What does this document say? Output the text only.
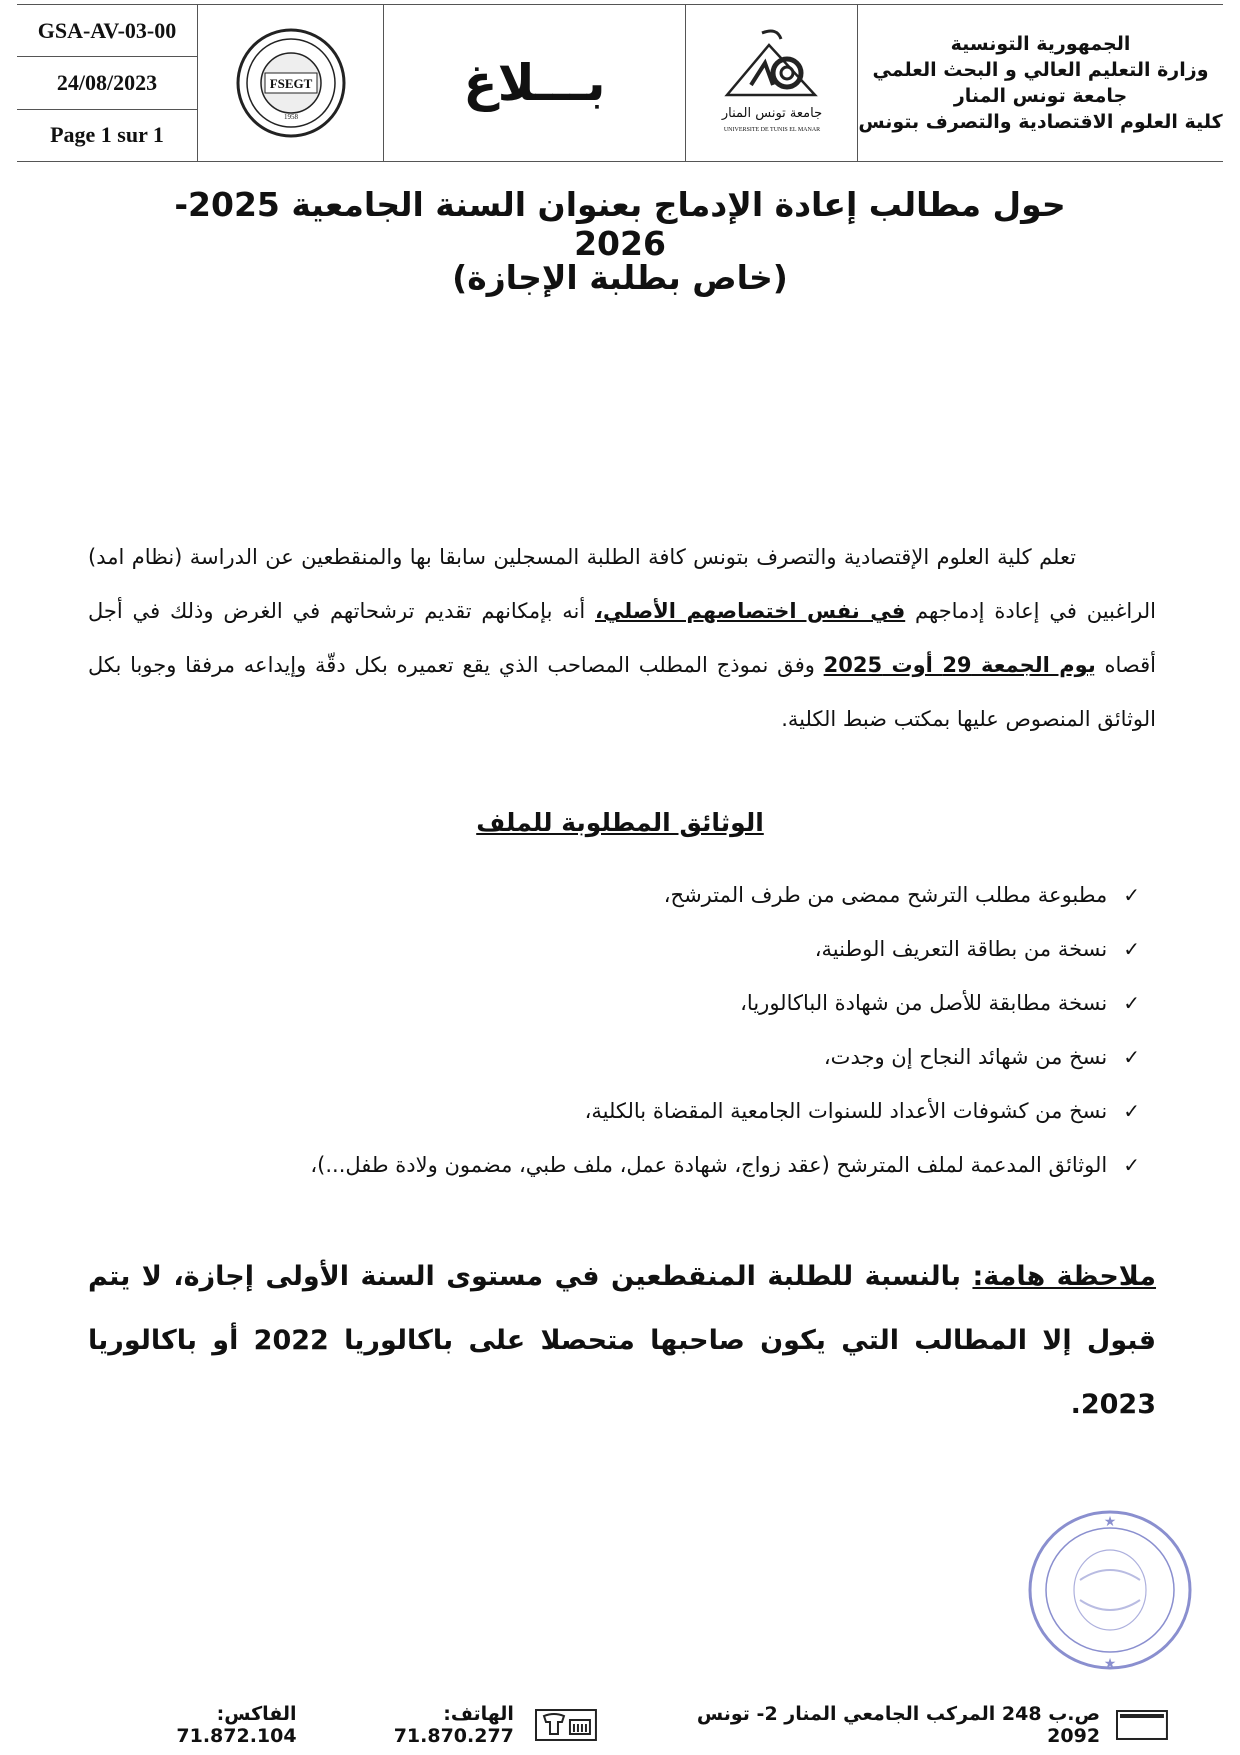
GSA-AV-03-00
24/08/2023
Page 1 sur 1
FSEGT
1958
بـــلاغ
جامعة تونس المنار
UNIVERSITE DE TUNIS EL MANAR
الجمهورية التونسية
وزارة التعليم العالي و البحث العلمي
جامعة تونس المنار
كلية العلوم الاقتصادية والتصرف بتونس
حول مطالب إعادة الإدماج بعنوان السنة الجامعية 2025- 2026
(خاص بطلبة الإجازة)
تعلم كلية العلوم الإقتصادية والتصرف بتونس كافة الطلبة المسجلين سابقا بها والمنقطعين عن الدراسة (نظام امد) الراغبين في إعادة إدماجهم في نفس اختصاصهم الأصلي، أنه بإمكانهم تقديم ترشحاتهم في الغرض وذلك في أجل أقصاه يوم الجمعة 29 أوت 2025 وفق نموذج المطلب المصاحب الذي يقع تعميره بكل دقّة وإيداعه مرفقا وجوبا بكل الوثائق المنصوص عليها بمكتب ضبط الكلية.
الوثائق المطلوبة للملف
✓
مطبوعة مطلب الترشح ممضى من طرف المترشح،
✓
نسخة من بطاقة التعريف الوطنية،
✓
نسخة مطابقة للأصل من شهادة الباكالوريا،
✓
نسخ من شهائد النجاح إن وجدت،
✓
نسخ من كشوفات الأعداد للسنوات الجامعية المقضاة بالكلية،
✓
الوثائق المدعمة لملف المترشح (عقد زواج، شهادة عمل، ملف طبي، مضمون ولادة طفل...)،
ملاحظة هامة: بالنسبة للطلبة المنقطعين في مستوى السنة الأولى إجازة، لا يتم قبول إلا المطالب التي يكون صاحبها متحصلا على باكالوريا 2022 أو باكالوريا 2023.
★
★
ص.ب 248 المركب الجامعي المنار 2- تونس 2092
الهاتف: 71.870.277
الفاكس: 71.872.104
